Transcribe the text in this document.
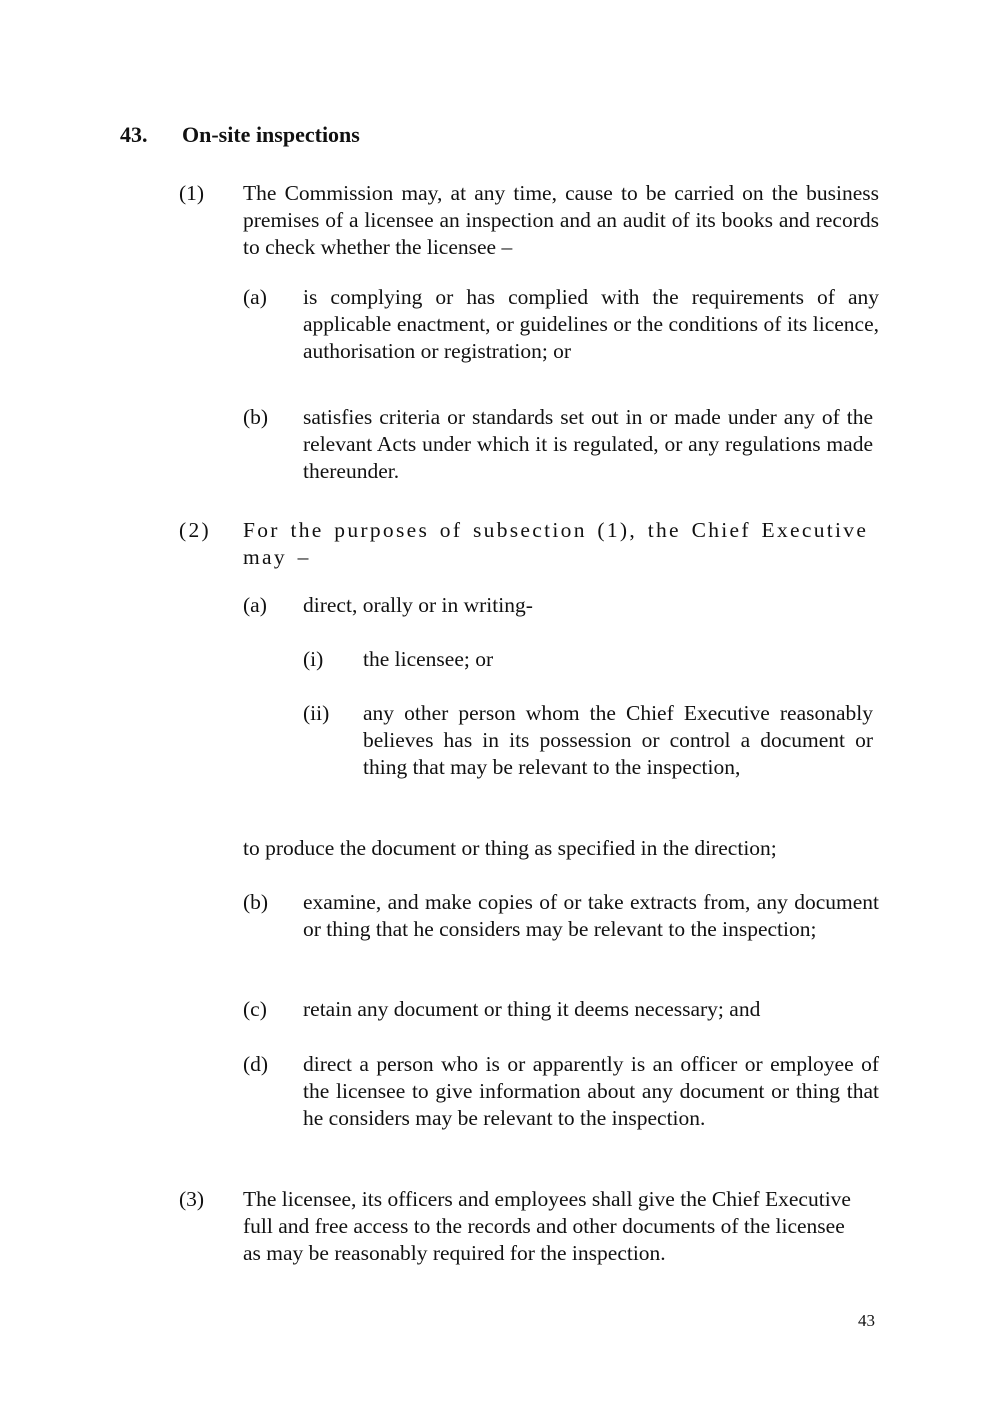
43. On-site inspections
(1) The Commission may, at any time, cause to be carried on the business premises of a licensee an inspection and an audit of its books and records to check whether the licensee –
(a) is complying or has complied with the requirements of any applicable enactment, or guidelines or the conditions of its licence, authorisation or registration; or
(b) satisfies criteria or standards set out in or made under any of the relevant Acts under which it is regulated, or any regulations made thereunder.
(2) For the purposes of subsection (1), the Chief Executive may –
(a) direct, orally or in writing-
(i) the licensee; or
(ii) any other person whom the Chief Executive reasonably believes has in its possession or control a document or thing that may be relevant to the inspection,
to produce the document or thing as specified in the direction;
(b) examine, and make copies of or take extracts from, any document or thing that he considers may be relevant to the inspection;
(c) retain any document or thing it deems necessary; and
(d) direct a person who is or apparently is an officer or employee of the licensee to give information about any document or thing that he considers may be relevant to the inspection.
(3) The licensee, its officers and employees shall give the Chief Executive full and free access to the records and other documents of the licensee as may be reasonably required for the inspection.
43
